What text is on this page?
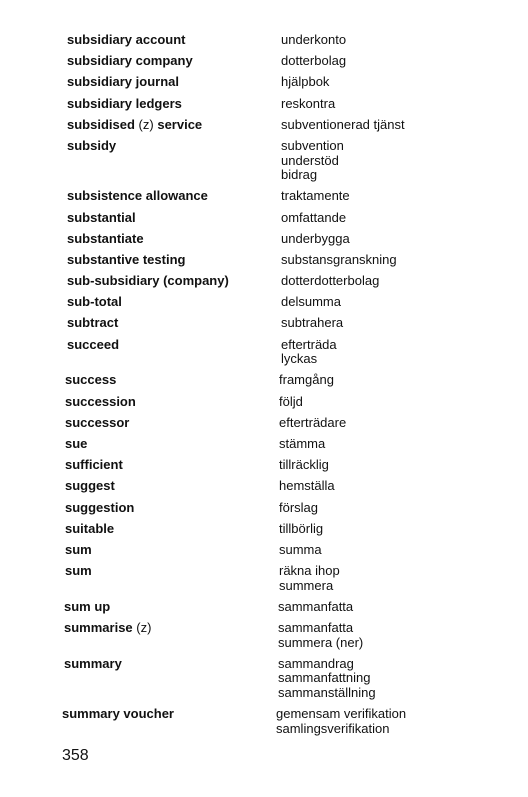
subsidiary account	underkonto
subsidiary company	dotterbolag
subsidiary journal	hjälpbok
subsidiary ledgers	reskontra
subsidised (z) service	subventionerad tjänst
subsidy	subvention
understöd
bidrag
subsistence allowance	traktamente
substantial	omfattande
substantiate	underbygga
substantive testing	substansgranskning
sub-subsidiary (company)	dotterdotterbolag
sub-total	delsumma
subtract	subtrahera
succeed	efterträda
lyckas
success	framgång
succession	följd
successor	efterträdare
sue	stämma
sufficient	tillräcklig
suggest	hemställa
suggestion	förslag
suitable	tillbörlig
sum	summa
sum	räkna ihop
summera
sum up	sammanfatta
summarise (z)	sammanfatta
summera (ner)
summary	sammandrag
sammanfattning
sammanställning
summary voucher	gemensam verifikation
samlingsverifikation
358
